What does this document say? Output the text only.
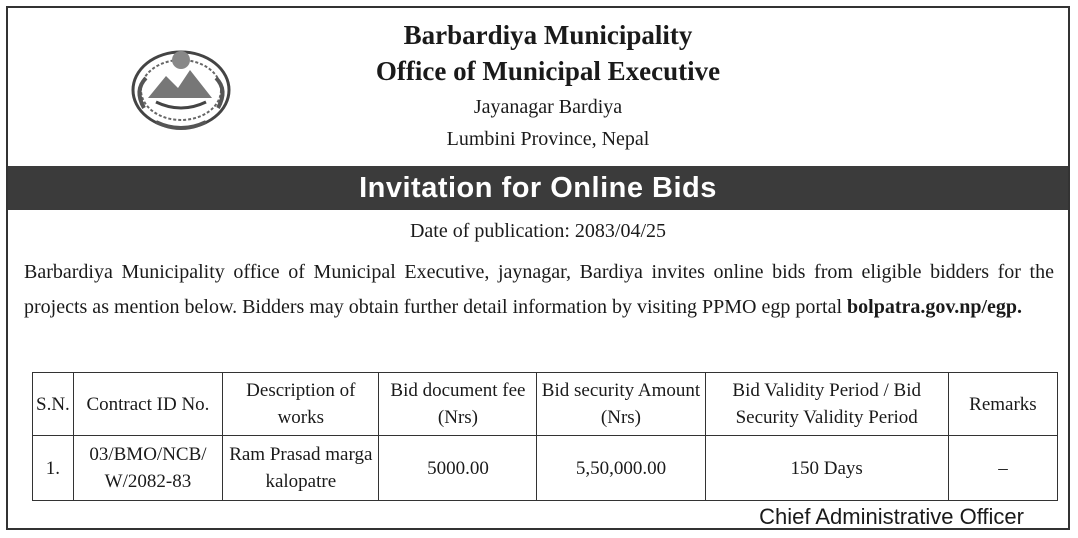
Barbardiya Municipality
Office of Municipal Executive
Jayanagar Bardiya
Lumbini Province, Nepal
Invitation for Online Bids
Date of publication: 2083/04/25
Barbardiya Municipality office of Municipal Executive, jaynagar, Bardiya invites online bids from eligible bidders for the projects as mention below. Bidders may obtain further detail information by visiting PPMO egp portal bolpatra.gov.np/egp.
S.N.	Contract ID No.	Description of works	Bid document fee (Nrs)	Bid security Amount (Nrs)	Bid Validity Period / Bid Security Validity Period	Remarks
1.	03/BMO/NCB/ W/2082-83	Ram Prasad marga kalopatre	5000.00	5,50,000.00	150 Days	–
Chief Administrative Officer
